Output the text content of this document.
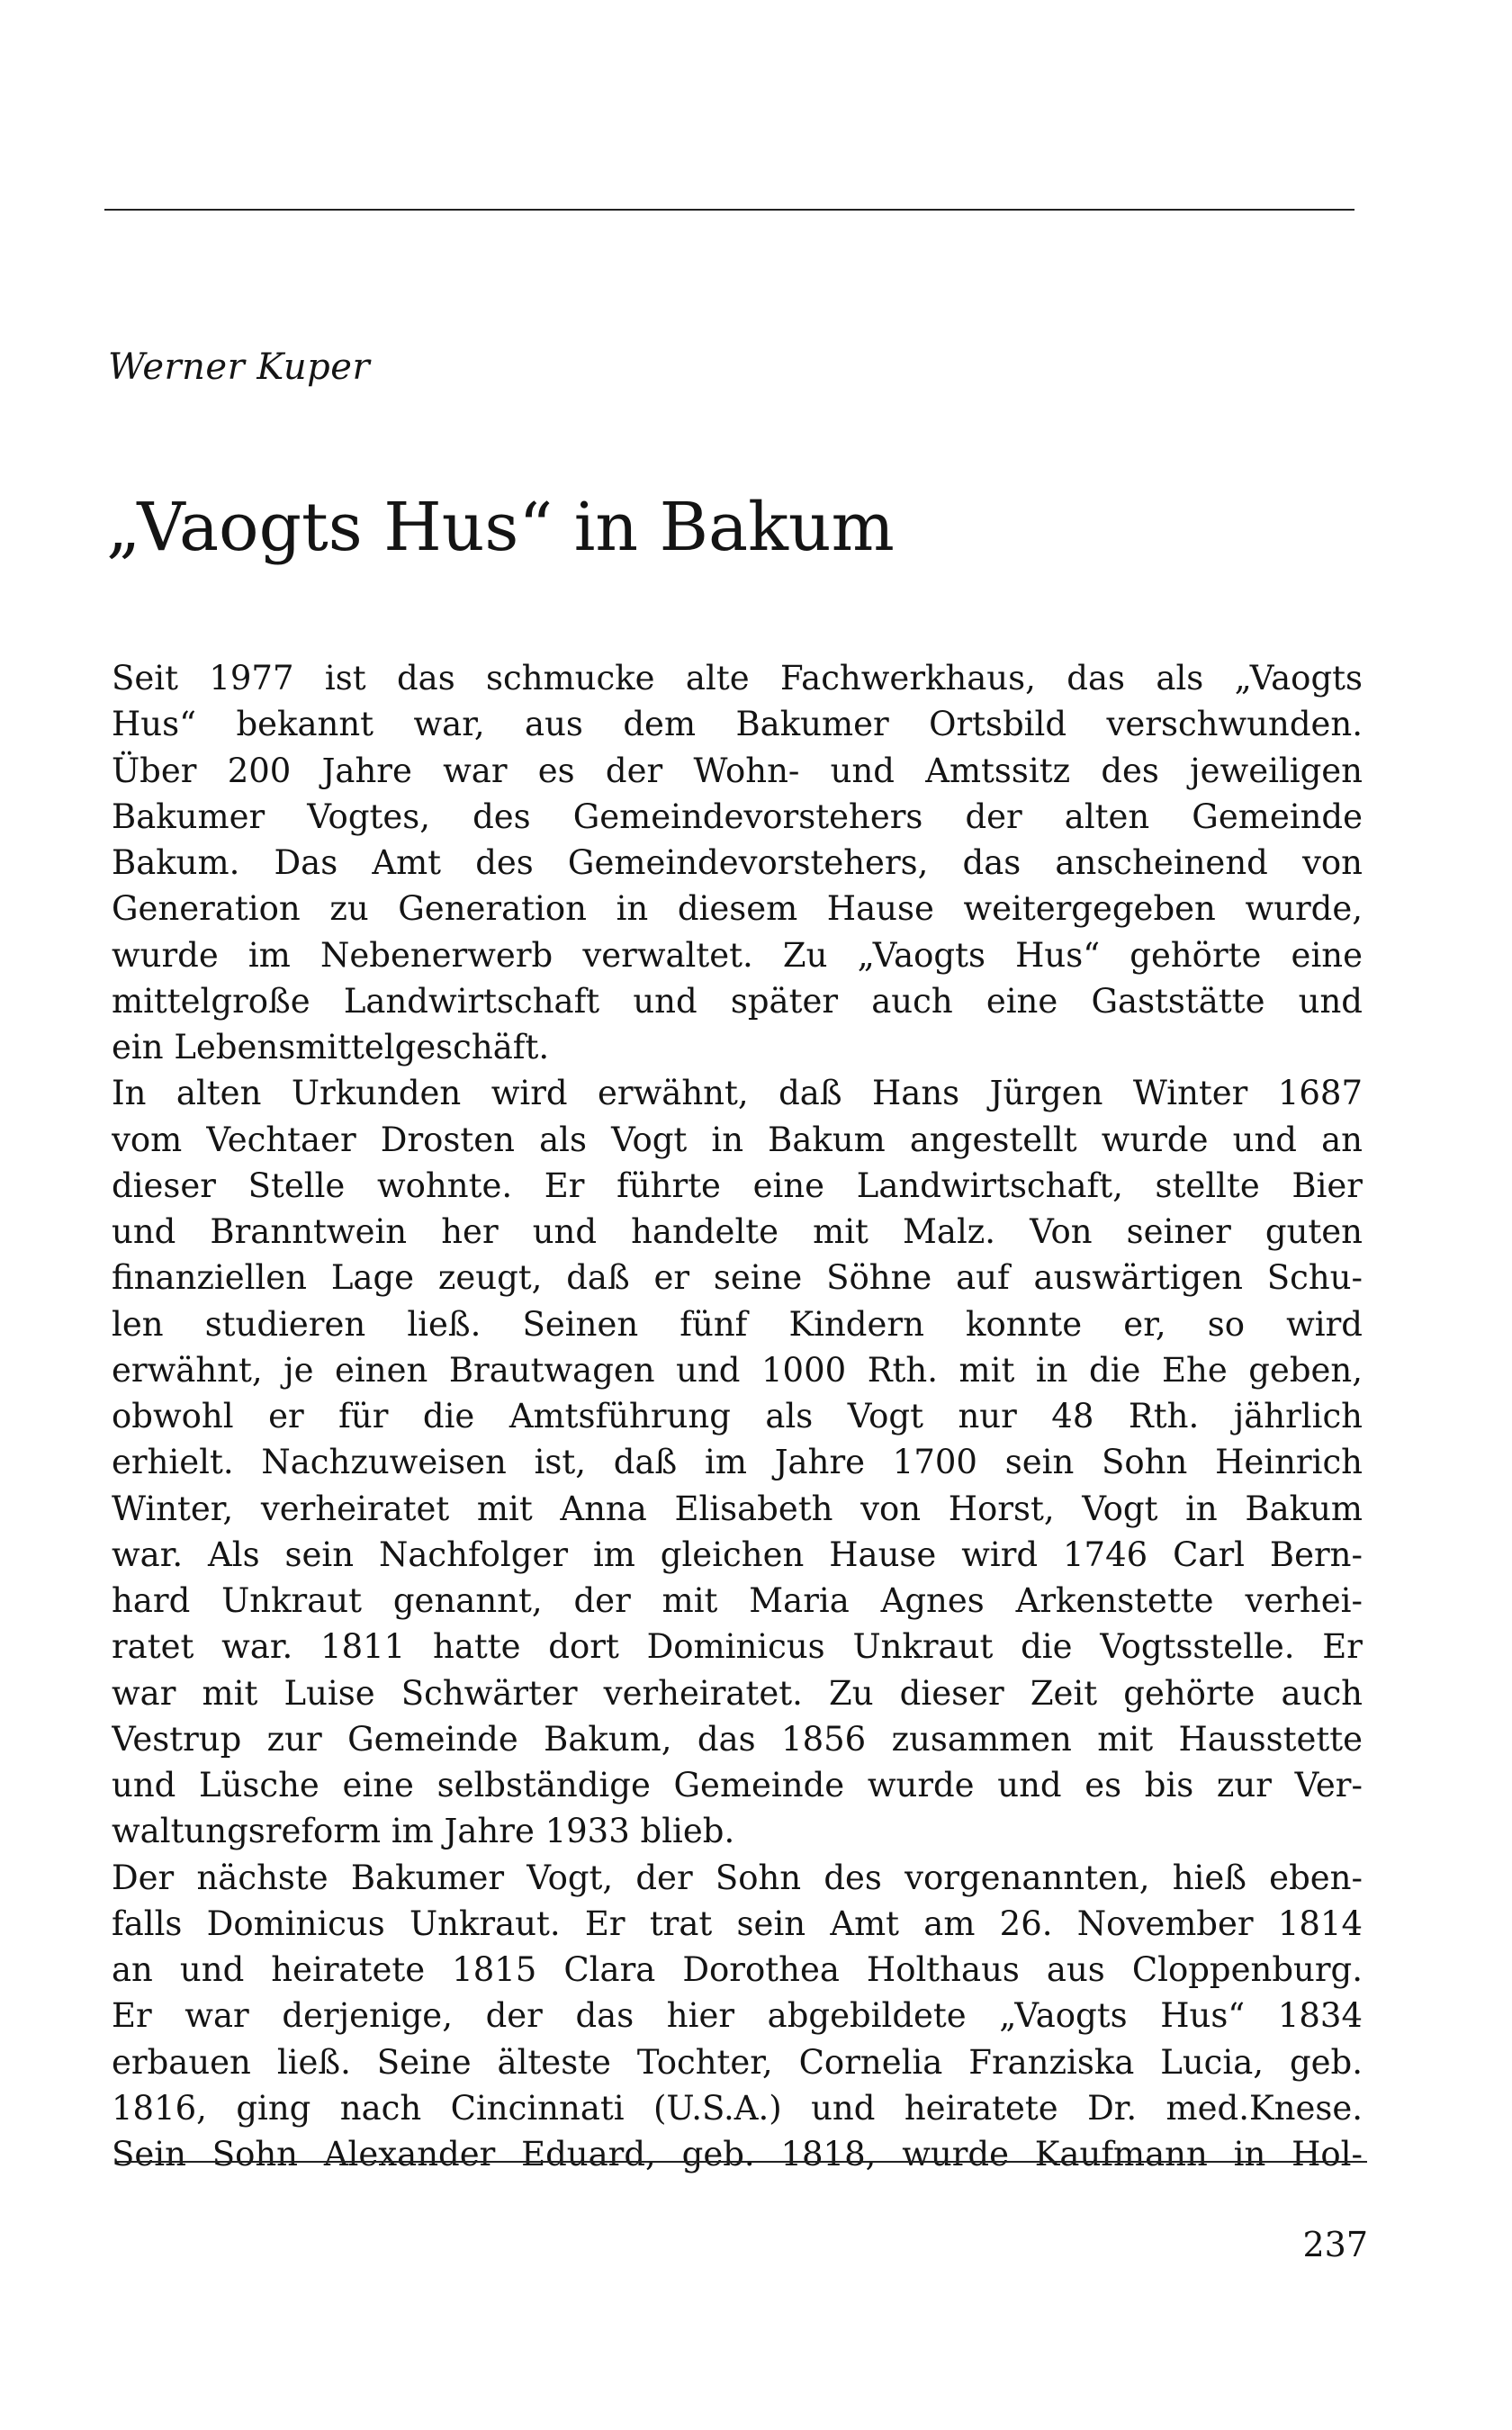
Werner Kuper
„Vaogts Hus“ in Bakum
Seit 1977 ist das schmucke alte Fachwerkhaus, das als „Vaogts
Hus“ bekannt war, aus dem Bakumer Ortsbild verschwunden.
Über 200 Jahre war es der Wohn- und Amtssitz des jeweiligen
Bakumer Vogtes, des Gemeindevorstehers der alten Gemeinde
Bakum. Das Amt des Gemeindevorstehers, das anscheinend von
Generation zu Generation in diesem Hause weitergegeben wurde,
wurde im Nebenerwerb verwaltet. Zu „Vaogts Hus“ gehörte eine
mittelgroße Landwirtschaft und später auch eine Gaststätte und
ein Lebensmittelgeschäft.
In alten Urkunden wird erwähnt, daß Hans Jürgen Winter 1687
vom Vechtaer Drosten als Vogt in Bakum angestellt wurde und an
dieser Stelle wohnte. Er führte eine Landwirtschaft, stellte Bier
und Branntwein her und handelte mit Malz. Von seiner guten
finanziellen Lage zeugt, daß er seine Söhne auf auswärtigen Schu-
len studieren ließ. Seinen fünf Kindern konnte er, so wird
erwähnt, je einen Brautwagen und 1000 Rth. mit in die Ehe geben,
obwohl er für die Amtsführung als Vogt nur 48 Rth. jährlich
erhielt. Nachzuweisen ist, daß im Jahre 1700 sein Sohn Heinrich
Winter, verheiratet mit Anna Elisabeth von Horst, Vogt in Bakum
war. Als sein Nachfolger im gleichen Hause wird 1746 Carl Bern-
hard Unkraut genannt, der mit Maria Agnes Arkenstette verhei-
ratet war. 1811 hatte dort Dominicus Unkraut die Vogtsstelle. Er
war mit Luise Schwärter verheiratet. Zu dieser Zeit gehörte auch
Vestrup zur Gemeinde Bakum, das 1856 zusammen mit Hausstette
und Lüsche eine selbständige Gemeinde wurde und es bis zur Ver-
waltungsreform im Jahre 1933 blieb.
Der nächste Bakumer Vogt, der Sohn des vorgenannten, hieß eben-
falls Dominicus Unkraut. Er trat sein Amt am 26. November 1814
an und heiratete 1815 Clara Dorothea Holthaus aus Cloppenburg.
Er war derjenige, der das hier abgebildete „Vaogts Hus“ 1834
erbauen ließ. Seine älteste Tochter, Cornelia Franziska Lucia, geb.
1816, ging nach Cincinnati (U.S.A.) und heiratete Dr. med.Knese.
Sein Sohn Alexander Eduard, geb. 1818, wurde Kaufmann in Hol-
237
